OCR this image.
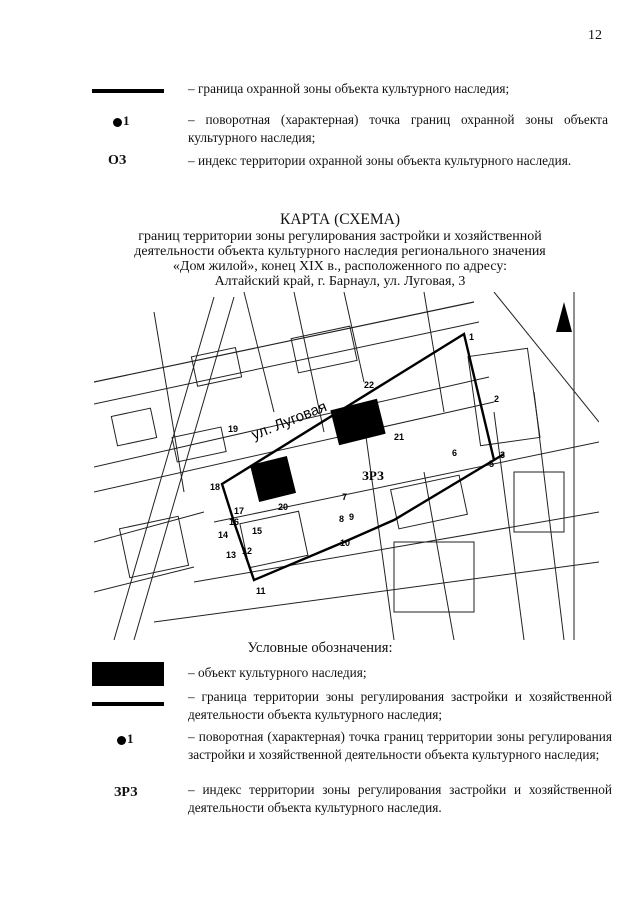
12
– граница охранной зоны объекта культурного наследия;
1	– поворотная (характерная) точка границ охранной зоны объекта культурного наследия;
ОЗ	– индекс территории охранной зоны объекта культурного наследия.
КАРТА (СХЕМА)
границ территории зоны регулирования застройки и хозяйственной
деятельности объекта культурного наследия регионального значения
«Дом жилой», конец XIX в., расположенного по адресу:
Алтайский край, г. Барнаул, ул. Луговая, 3
ул. Луговая
ЗРЗ
1
2
3
5
6
7
8 9
10
11
12
13
14	15
16
17
18
19
20
21
22
Условные обозначения:
– объект культурного наследия;
– граница территории зоны регулирования застройки и хозяйственной деятельности объекта культурного наследия;
1	– поворотная (характерная) точка границ территории зоны регулирования застройки и хозяйственной деятельности объекта культурного наследия;
ЗРЗ	– индекс территории зоны регулирования застройки и хозяйственной деятельности объекта культурного наследия.
